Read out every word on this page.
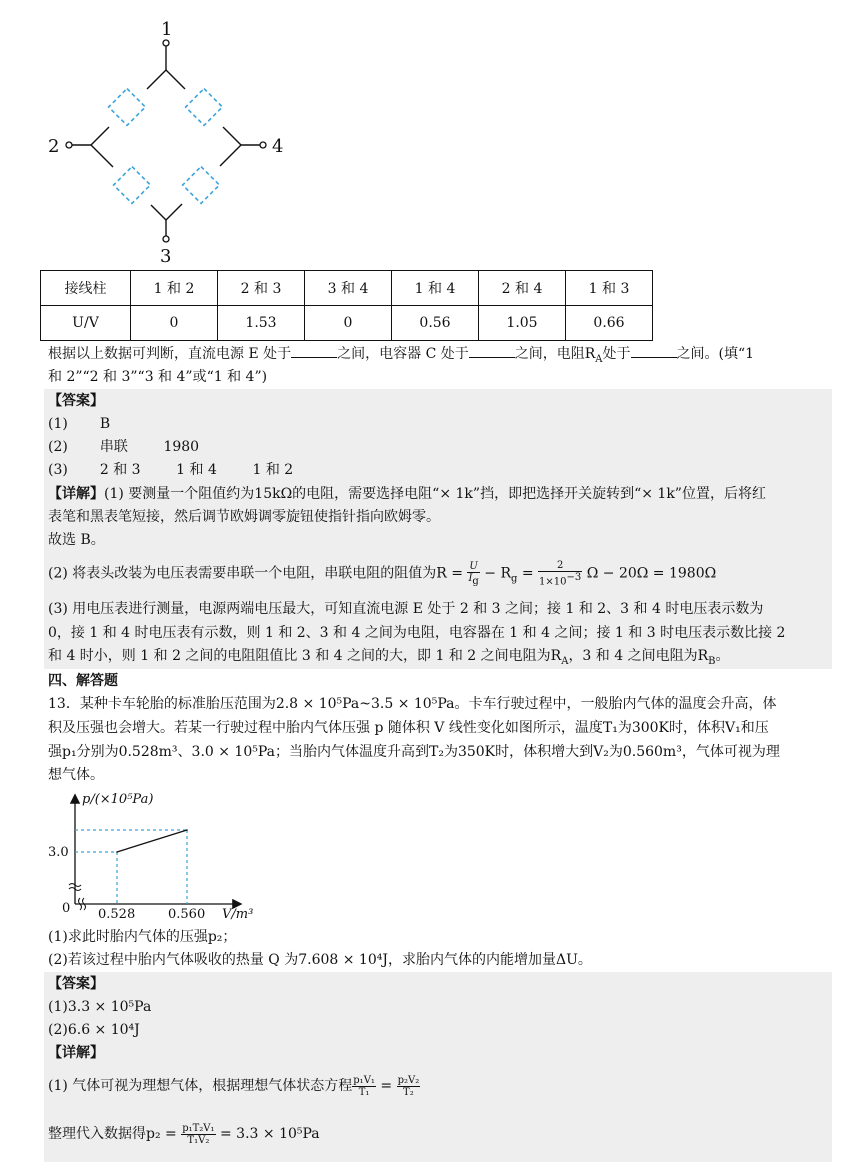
1
2	4
3
接线柱	1 和 2	2 和 3	3 和 4	1 和 4	2 和 4	1 和 3
U/V	0	1.53	0	0.56	1.05	0.66
根据以上数据可判断，直流电源 E 处于	之间，电容器 C 处于	之间，电阻$R_A$处于	之间。(填“1
和 2”“2 和 3”“3 和 4”或“1 和 4”)
【答案】
(1) B
(2) 串联        1980
(3) 2 和 3        1 和 4        1 和 2
【详解】(1) 要测量一个阻值约为15kΩ的电阻，需要选择电阻“× 1k”挡，即把选择开关旋转到“× 1k”位置，后将红
表笔和黑表笔短接，然后调节欧姆调零旋钮使指针指向欧姆零。
故选 B。
(2) 将表头改装为电压表需要串联一个电阻，串联电阻的阻值为$R = \frac{U}{I_g} - R_g = \frac{2}{1\times 10^{-3}}$ Ω − 20Ω = 1980Ω
(3) 用电压表进行测量，电源两端电压最大，可知直流电源 E 处于 2 和 3 之间；接 1 和 2、3 和 4 时电压表示数为
0，接 1 和 4 时电压表有示数，则 1 和 2、3 和 4 之间为电阻，电容器在 1 和 4 之间；接 1 和 3 时电压表示数比接 2
和 4 时小，则 1 和 2 之间的电阻阻值比 3 和 4 之间的大，即 1 和 2 之间电阻为$R_A$，3 和 4 之间电阻为$R_B$。
四、解答题
13．某种卡车轮胎的标准胎压范围为2.8 × 10⁵Pa~3.5 × 10⁵Pa。卡车行驶过程中，一般胎内气体的温度会升高，体
积及压强也会增大。若某一行驶过程中胎内气体压强 p 随体积 V 线性变化如图所示，温度T₁为300K时，体积V₁和压
强p₁分别为0.528m³、3.0 × 10⁵Pa；当胎内气体温度升高到T₂为350K时，体积增大到V₂为0.560m³，气体可视为理
想气体。
p/(×10⁵Pa)
V/m³
0 0.528	0.560
3.0
(1)求此时胎内气体的压强p₂；
(2)若该过程中胎内气体吸收的热量 Q 为7.608 × 10⁴J，求胎内气体的内能增加量ΔU。
【答案】
(1)3.3 × 10⁵Pa
(2)6.6 × 10⁴J
【详解】
(1) 气体可视为理想气体，根据理想气体状态方程 $\frac{\text{p₁V₁}}{\text{T₁}} = \frac{\text{p₂V₂}}{\text{T₂}}$
整理代入数据得$p_2 = \frac{\text{p₁T₂V₁}}{\text{T₁V₂}} = 3.3 \times 10^5Pa$
